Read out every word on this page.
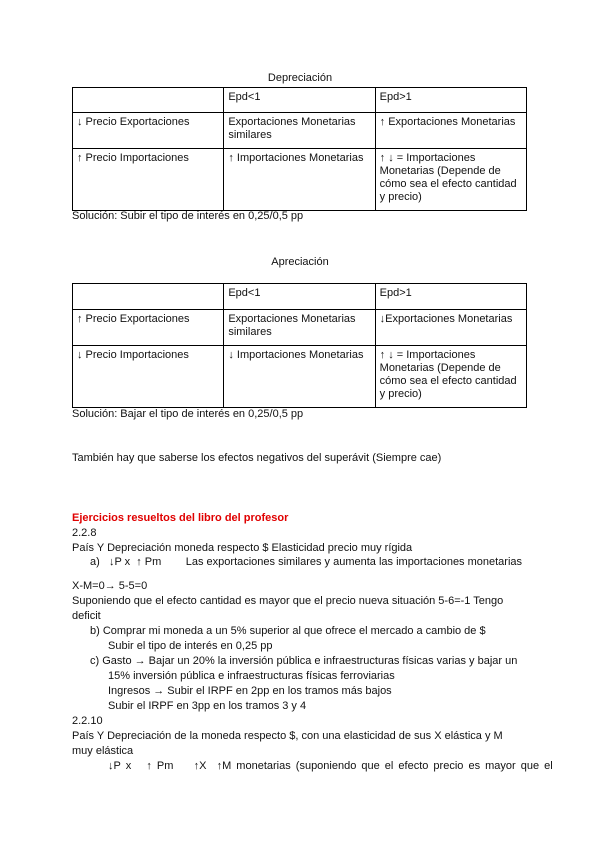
Depreciación
	Epd<1	Epd>1
↓ Precio Exportaciones	Exportaciones Monetarias similares	↑ Exportaciones Monetarias
↑ Precio Importaciones	↑ Importaciones Monetarias	↑ ↓ = Importaciones Monetarias (Depende de cómo sea el efecto cantidad y precio)
Solución: Subir el tipo de interés en 0,25/0,5 pp
Apreciación
	Epd<1	Epd>1
↑ Precio Exportaciones	Exportaciones Monetarias similares	↓Exportaciones Monetarias
↓ Precio Importaciones	↓ Importaciones Monetarias	↑ ↓ = Importaciones Monetarias (Depende de cómo sea el efecto cantidad y precio)
Solución: Bajar el tipo de interés en 0,25/0,5 pp
También hay que saberse los efectos negativos del superávit (Siempre cae)
Ejercicios resueltos del libro del profesor
2.2.8
País Y Depreciación moneda respecto $ Elasticidad precio muy rígida
a)   ↓P x  ↑ Pm        Las exportaciones similares y aumenta las importaciones monetarias
X-M=0→ 5-5=0
Suponiendo que el efecto cantidad es mayor que el precio nueva situación 5-6=-1 Tengo
deficit
b) Comprar mi moneda a un 5% superior al que ofrece el mercado a cambio de $
Subir el tipo de interés en 0,25 pp
c) Gasto → Bajar un 20% la inversión pública e infraestructuras físicas varias y bajar un
15% inversión pública e infraestructuras físicas ferroviarias
Ingresos → Subir el IRPF en 2pp en los tramos más bajos
Subir el IRPF en 3pp en los tramos 3 y 4
2.2.10
País Y Depreciación de la moneda respecto $, con una elasticidad de sus X elástica y M
muy elástica
↓P x   ↑ Pm    ↑X  ↑M monetarias (suponiendo que el efecto precio es mayor que el
